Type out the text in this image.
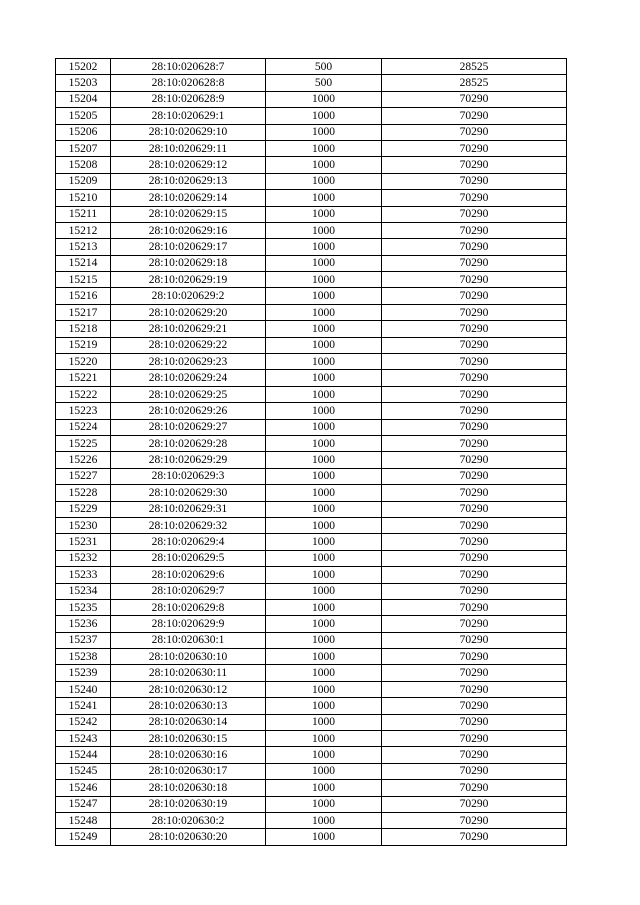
15202	28:10:020628:7	500	28525
15203	28:10:020628:8	500	28525
15204	28:10:020628:9	1000	70290
15205	28:10:020629:1	1000	70290
15206	28:10:020629:10	1000	70290
15207	28:10:020629:11	1000	70290
15208	28:10:020629:12	1000	70290
15209	28:10:020629:13	1000	70290
15210	28:10:020629:14	1000	70290
15211	28:10:020629:15	1000	70290
15212	28:10:020629:16	1000	70290
15213	28:10:020629:17	1000	70290
15214	28:10:020629:18	1000	70290
15215	28:10:020629:19	1000	70290
15216	28:10:020629:2	1000	70290
15217	28:10:020629:20	1000	70290
15218	28:10:020629:21	1000	70290
15219	28:10:020629:22	1000	70290
15220	28:10:020629:23	1000	70290
15221	28:10:020629:24	1000	70290
15222	28:10:020629:25	1000	70290
15223	28:10:020629:26	1000	70290
15224	28:10:020629:27	1000	70290
15225	28:10:020629:28	1000	70290
15226	28:10:020629:29	1000	70290
15227	28:10:020629:3	1000	70290
15228	28:10:020629:30	1000	70290
15229	28:10:020629:31	1000	70290
15230	28:10:020629:32	1000	70290
15231	28:10:020629:4	1000	70290
15232	28:10:020629:5	1000	70290
15233	28:10:020629:6	1000	70290
15234	28:10:020629:7	1000	70290
15235	28:10:020629:8	1000	70290
15236	28:10:020629:9	1000	70290
15237	28:10:020630:1	1000	70290
15238	28:10:020630:10	1000	70290
15239	28:10:020630:11	1000	70290
15240	28:10:020630:12	1000	70290
15241	28:10:020630:13	1000	70290
15242	28:10:020630:14	1000	70290
15243	28:10:020630:15	1000	70290
15244	28:10:020630:16	1000	70290
15245	28:10:020630:17	1000	70290
15246	28:10:020630:18	1000	70290
15247	28:10:020630:19	1000	70290
15248	28:10:020630:2	1000	70290
15249	28:10:020630:20	1000	70290
